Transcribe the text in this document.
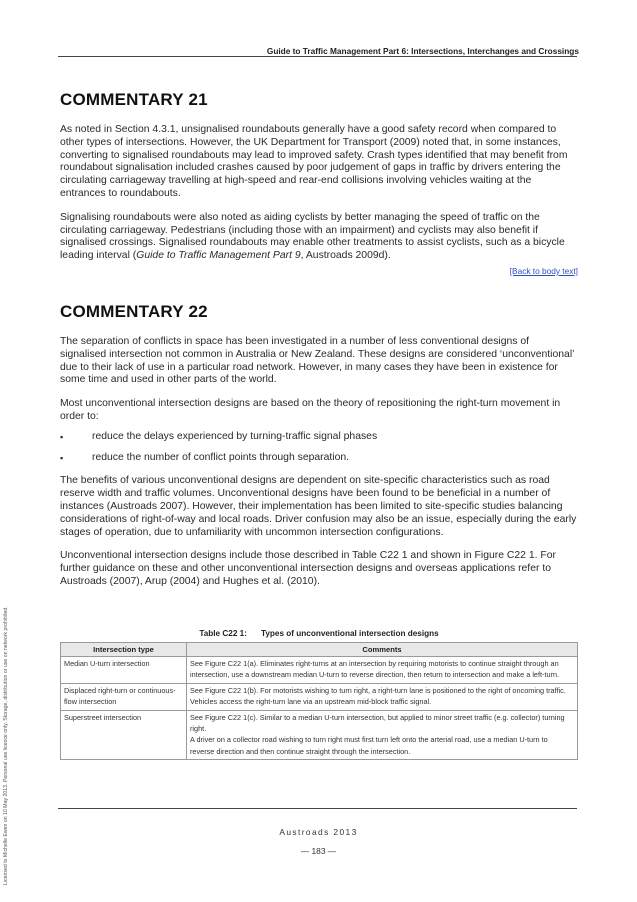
Guide to Traffic Management Part 6: Intersections, Interchanges and Crossings
Licensed to Michelle Ewen on 10 May 2013. Personal use licence only. Storage, distribution or use on network prohibited.
COMMENTARY 21

As noted in Section 4.3.1, unsignalised roundabouts generally have a good safety record when compared to other types of intersections. However, the UK Department for Transport (2009) noted that, in some instances, converting to signalised roundabouts may lead to improved safety. Crash types identified that may benefit from roundabout signalisation included crashes caused by poor judgement of gaps in traffic by drivers entering the circulating carriageway travelling at high-speed and rear-end collisions involving vehicles waiting at the entrances to roundabouts.

Signalising roundabouts were also noted as aiding cyclists by better managing the speed of traffic on the circulating carriageway. Pedestrians (including those with an impairment) and cyclists may also benefit if signalised crossings. Signalised roundabouts may enable other treatments to assist cyclists, such as a bicycle leading interval (Guide to Traffic Management Part 9, Austroads 2009d).

[Back to body text]
COMMENTARY 22

The separation of conflicts in space has been investigated in a number of less conventional designs of signalised intersection not common in Australia or New Zealand. These designs are considered ‘unconventional’ due to their lack of use in a particular road network. However, in many cases they have been in existence for some time and used in other parts of the world.

Most unconventional intersection designs are based on the theory of repositioning the right-turn movement in order to:

▪ reduce the delays experienced by turning-traffic signal phases
▪ reduce the number of conflict points through separation.

The benefits of various unconventional designs are dependent on site-specific characteristics such as road reserve width and traffic volumes. Unconventional designs have been found to be beneficial in a number of instances (Austroads 2007). However, their implementation has been limited to site-specific studies balancing considerations of right-of-way and local roads. Driver confusion may also be an issue, especially during the early stages of operation, due to unfamiliarity with uncommon intersection configurations.

Unconventional intersection designs include those described in Table C22 1 and shown in Figure C22 1. For further guidance on these and other unconventional intersection designs and overseas applications refer to Austroads (2007), Arup (2004) and Hughes et al. (2010).

Table C22 1: Types of unconventional intersection designs
Intersection type	Comments
Median U-turn intersection	See Figure C22 1(a). Eliminates right-turns at an intersection by requiring motorists to continue straight through an intersection, use a downstream median U-turn to reverse direction, then return to intersection and make a left-turn.
Displaced right-turn or continuous-flow intersection	See Figure C22 1(b). For motorists wishing to turn right, a right-turn lane is positioned to the right of oncoming traffic. Vehicles access the right-turn lane via an upstream mid-block traffic signal.
Superstreet intersection	See Figure C22 1(c). Similar to a median U-turn intersection, but applied to minor street traffic (e.g. collector) turning right.
A driver on a collector road wishing to turn right must first turn left onto the arterial road, use a median U-turn to reverse direction and then continue straight through the intersection.
Austroads 2013
— 183 —
